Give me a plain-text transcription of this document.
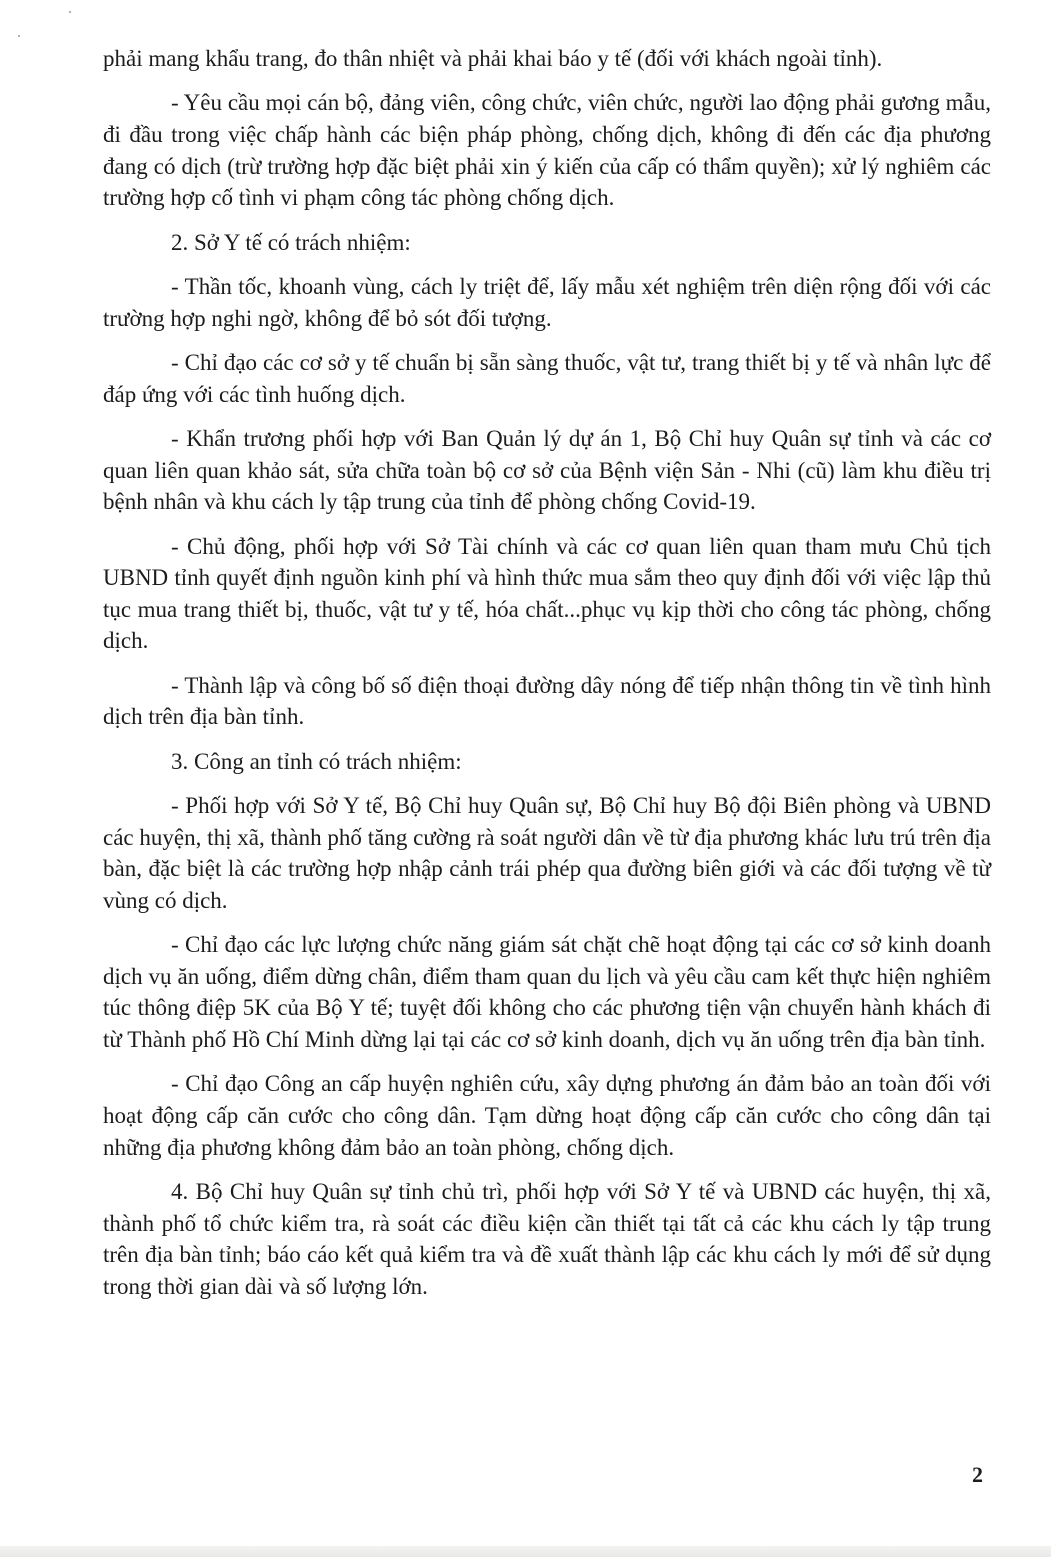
phải mang khẩu trang, đo thân nhiệt và phải khai báo y tế (đối với khách ngoài tỉnh).

- Yêu cầu mọi cán bộ, đảng viên, công chức, viên chức, người lao động phải gương mẫu, đi đầu trong việc chấp hành các biện pháp phòng, chống dịch, không đi đến các địa phương đang có dịch (trừ trường hợp đặc biệt phải xin ý kiến của cấp có thẩm quyền); xử lý nghiêm các trường hợp cố tình vi phạm công tác phòng chống dịch.

2. Sở Y tế có trách nhiệm:

- Thần tốc, khoanh vùng, cách ly triệt để, lấy mẫu xét nghiệm trên diện rộng đối với các trường hợp nghi ngờ, không để bỏ sót đối tượng.

- Chỉ đạo các cơ sở y tế chuẩn bị sẵn sàng thuốc, vật tư, trang thiết bị y tế và nhân lực để đáp ứng với các tình huống dịch.

- Khẩn trương phối hợp với Ban Quản lý dự án 1, Bộ Chỉ huy Quân sự tỉnh và các cơ quan liên quan khảo sát, sửa chữa toàn bộ cơ sở của Bệnh viện Sản - Nhi (cũ) làm khu điều trị bệnh nhân và khu cách ly tập trung của tỉnh để phòng chống Covid-19.

- Chủ động, phối hợp với Sở Tài chính và các cơ quan liên quan tham mưu Chủ tịch UBND tỉnh quyết định nguồn kinh phí và hình thức mua sắm theo quy định đối với việc lập thủ tục mua trang thiết bị, thuốc, vật tư y tế, hóa chất...phục vụ kịp thời cho công tác phòng, chống dịch.

- Thành lập và công bố số điện thoại đường dây nóng để tiếp nhận thông tin về tình hình dịch trên địa bàn tỉnh.

3. Công an tỉnh có trách nhiệm:

- Phối hợp với Sở Y tế, Bộ Chỉ huy Quân sự, Bộ Chỉ huy Bộ đội Biên phòng và UBND các huyện, thị xã, thành phố tăng cường rà soát người dân về từ địa phương khác lưu trú trên địa bàn, đặc biệt là các trường hợp nhập cảnh trái phép qua đường biên giới và các đối tượng về từ vùng có dịch.

- Chỉ đạo các lực lượng chức năng giám sát chặt chẽ hoạt động tại các cơ sở kinh doanh dịch vụ ăn uống, điểm dừng chân, điểm tham quan du lịch và yêu cầu cam kết thực hiện nghiêm túc thông điệp 5K của Bộ Y tế; tuyệt đối không cho các phương tiện vận chuyển hành khách đi từ Thành phố Hồ Chí Minh dừng lại tại các cơ sở kinh doanh, dịch vụ ăn uống trên địa bàn tỉnh.

- Chỉ đạo Công an cấp huyện nghiên cứu, xây dựng phương án đảm bảo an toàn đối với hoạt động cấp căn cước cho công dân. Tạm dừng hoạt động cấp căn cước cho công dân tại những địa phương không đảm bảo an toàn phòng, chống dịch.

4. Bộ Chỉ huy Quân sự tỉnh chủ trì, phối hợp với Sở Y tế và UBND các huyện, thị xã, thành phố tổ chức kiểm tra, rà soát các điều kiện cần thiết tại tất cả các khu cách ly tập trung trên địa bàn tỉnh; báo cáo kết quả kiểm tra và đề xuất thành lập các khu cách ly mới để sử dụng trong thời gian dài và số lượng lớn.

2
